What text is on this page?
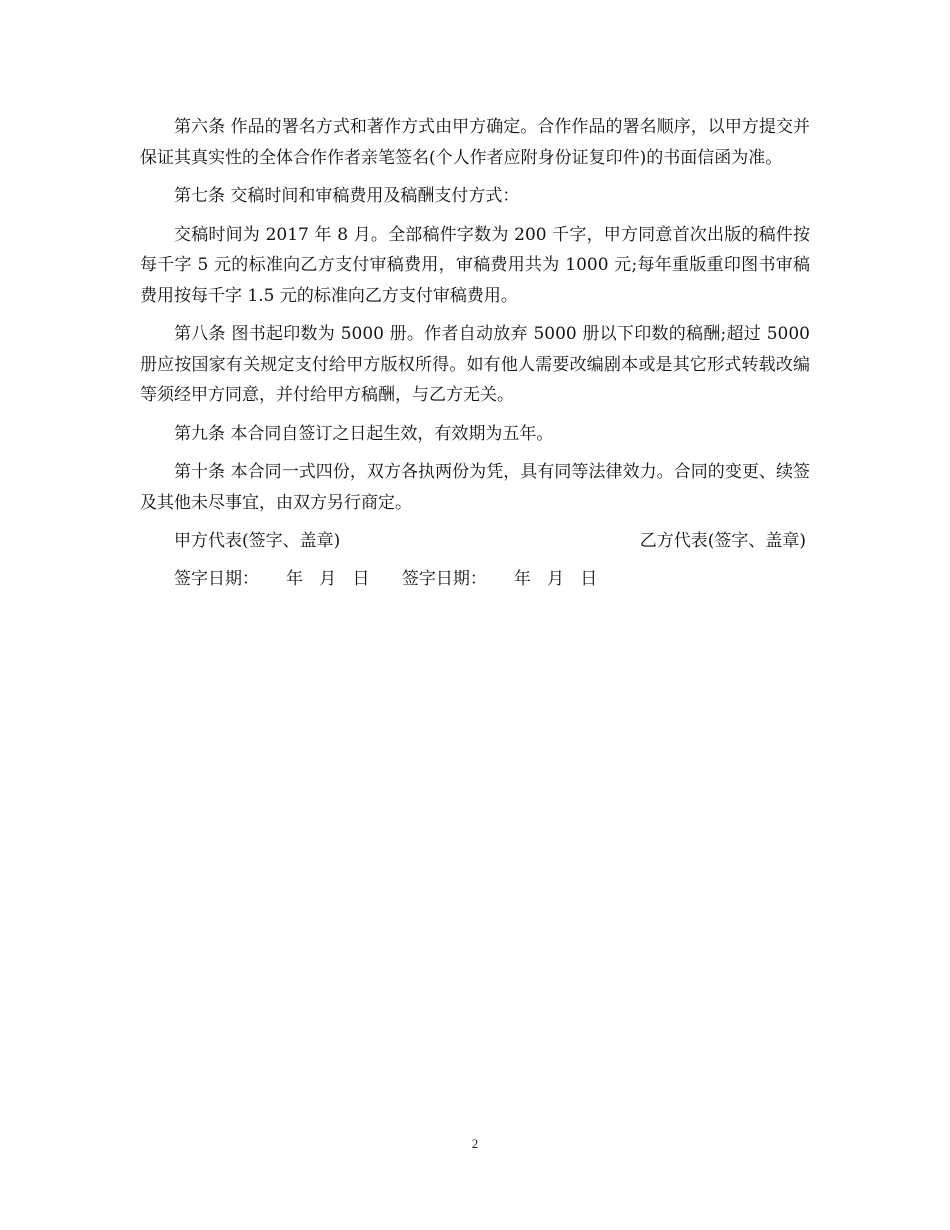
第六条 作品的署名方式和著作方式由甲方确定。合作作品的署名顺序，以甲方提交并保证其真实性的全体合作作者亲笔签名(个人作者应附身份证复印件)的书面信函为准。

第七条 交稿时间和审稿费用及稿酬支付方式：

交稿时间为 2017 年 8 月。全部稿件字数为 200 千字，甲方同意首次出版的稿件按每千字 5 元的标准向乙方支付审稿费用，审稿费用共为 1000 元;每年重版重印图书审稿费用按每千字 1.5 元的标准向乙方支付审稿费用。

第八条 图书起印数为 5000 册。作者自动放弃 5000 册以下印数的稿酬;超过 5000 册应按国家有关规定支付给甲方版权所得。如有他人需要改编剧本或是其它形式转载改编等须经甲方同意，并付给甲方稿酬，与乙方无关。

第九条 本合同自签订之日起生效，有效期为五年。

第十条 本合同一式四份，双方各执两份为凭，具有同等法律效力。合同的变更、续签及其他未尽事宜，由双方另行商定。

甲方代表(签字、盖章)	乙方代表(签字、盖章)
签字日期：     年   月   日      签字日期：     年   月   日
2
